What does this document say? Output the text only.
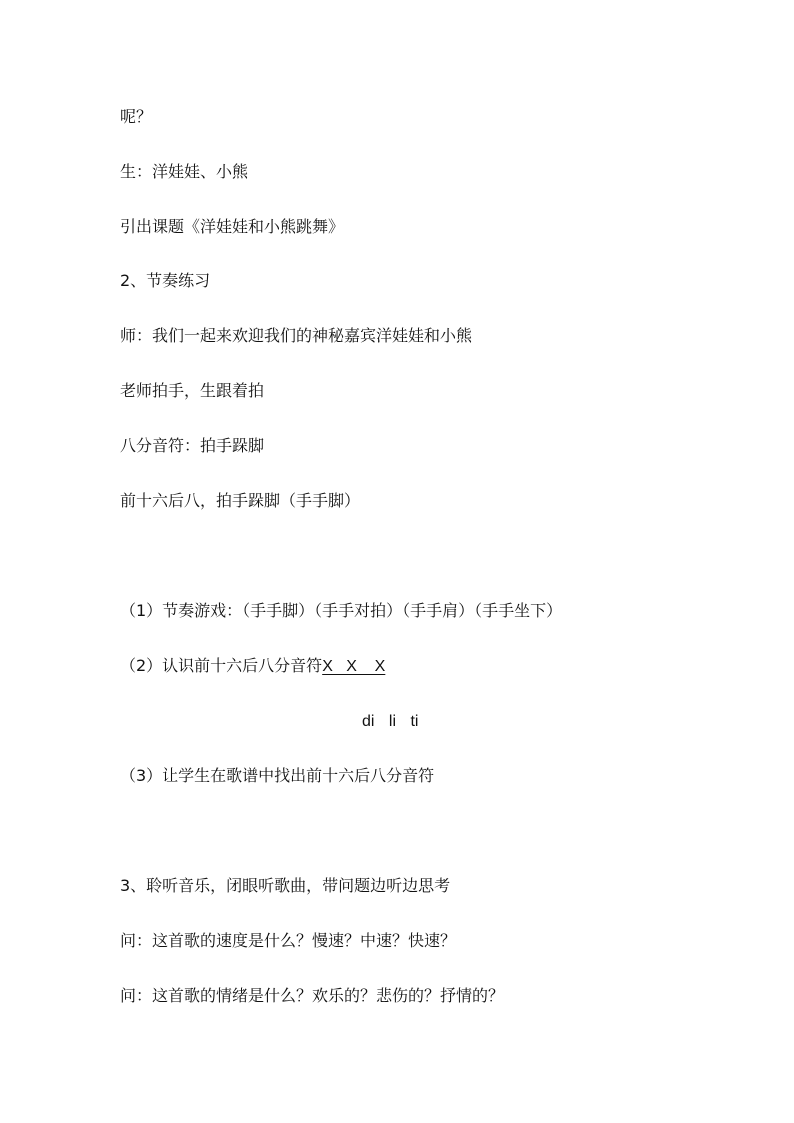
呢？
生：洋娃娃、小熊
引出课题《洋娃娃和小熊跳舞》
2、节奏练习
师：我们一起来欢迎我们的神秘嘉宾洋娃娃和小熊
老师拍手，生跟着拍
八分音符：拍手跺脚
前十六后八，拍手跺脚（手手脚）
（1）节奏游戏：（手手脚）（手手对拍）（手手肩）（手手坐下）
（2）认识前十六后八分音符X   X    X
di li ti
（3）让学生在歌谱中找出前十六后八分音符
3、聆听音乐，闭眼听歌曲，带问题边听边思考
问：这首歌的速度是什么？慢速？中速？快速？
问：这首歌的情绪是什么？欢乐的？悲伤的？抒情的？
